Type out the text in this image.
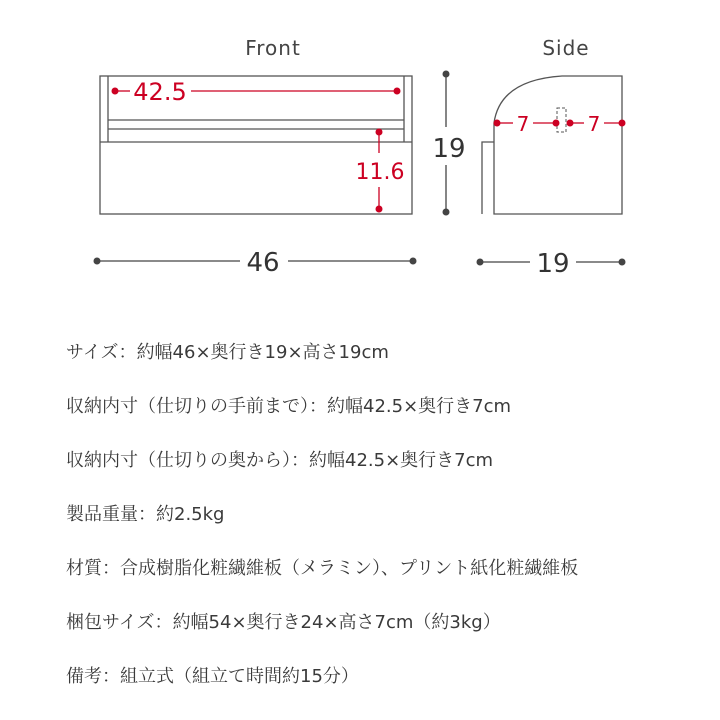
Front
42.5
11.6
19
46
Side
7	7
19
サイズ：約幅46×奥行き19×高さ19cm
収納内寸（仕切りの手前まで）：約幅42.5×奥行き7cm
収納内寸（仕切りの奥から）：約幅42.5×奥行き7cm
製品重量：約2.5kg
材質：合成樹脂化粧繊維板（メラミン）、プリント紙化粧繊維板
梱包サイズ：約幅54×奥行き24×高さ7cm（約3kg）
備考：組立式（組立て時間約15分）
